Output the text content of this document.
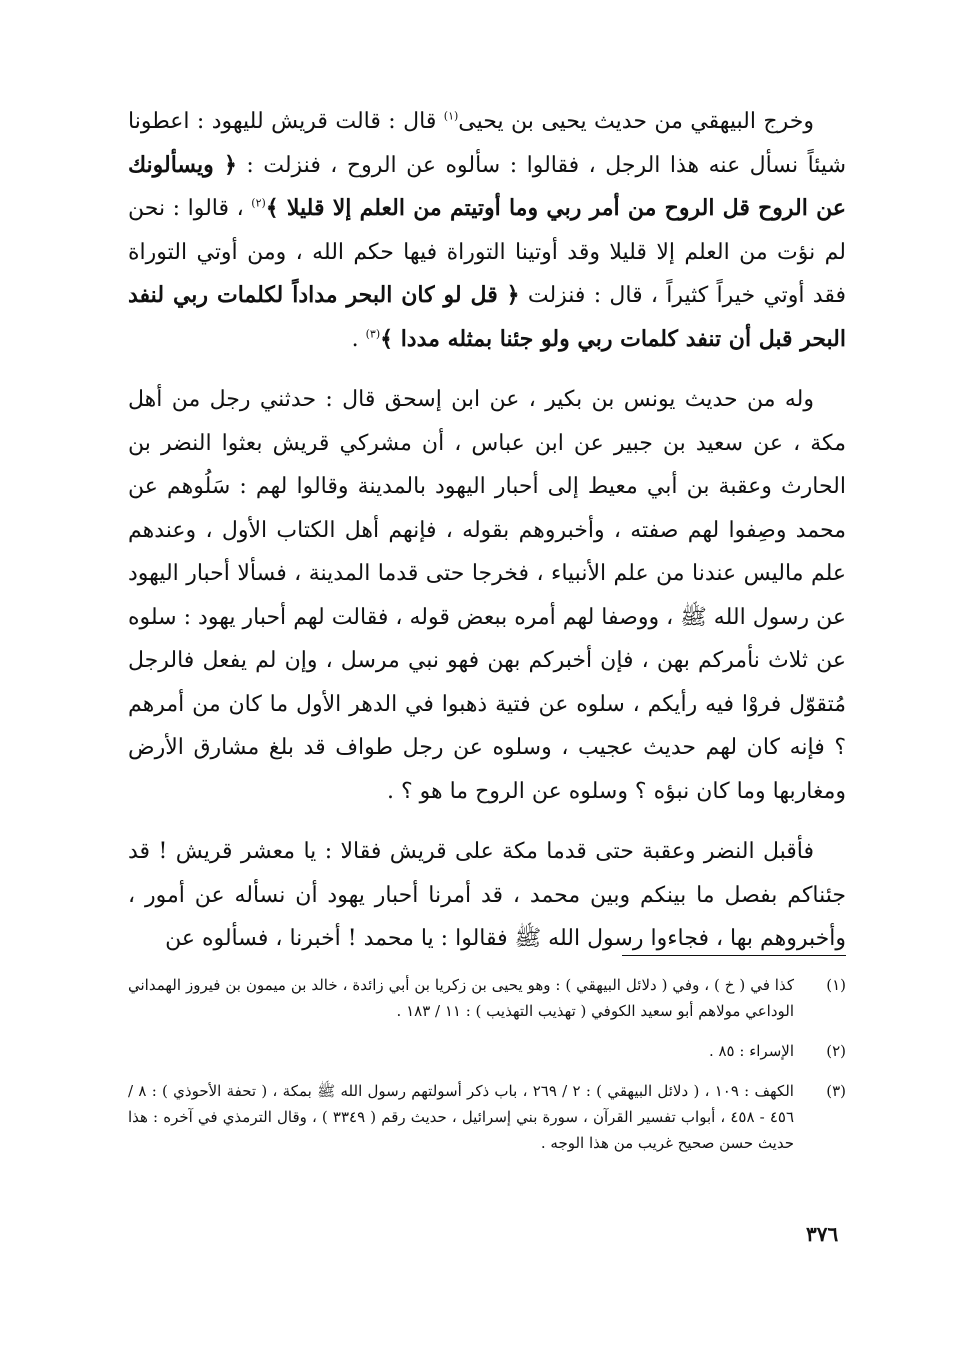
وخرج البيهقي من حديث يحيى بن يحيى$^{(١)}$ قال : قالت قريش لليهود : اعطونا شيئاً نسأل عنه هذا الرجل ، فقالوا : سألوه عن الروح ، فنزلت : ﴿ ويسألونك عن الروح قل الروح من أمر ربي وما أوتيتم من العلم إلا قليلا ﴾$^{(٢)}$ ، قالوا : نحن لم نؤت من العلم إلا قليلا وقد أوتينا التوراة فيها حكم الله ، ومن أوتي التوراة فقد أوتي خيراً كثيراً ، قال : فنزلت ﴿ قل لو كان البحر مداداً لكلمات ربي لنفد البحر قبل أن تنفد كلمات ربي ولو جئنا بمثله مددا ﴾$^{(٣)}$ .

وله من حديث يونس بن بكير ، عن ابن إسحق قال : حدثني رجل من أهل مكة ، عن سعيد بن جبير عن ابن عباس ، أن مشركي قريش بعثوا النضر بن الحارث وعقبة بن أبي معيط إلى أحبار اليهود بالمدينة وقالوا لهم : سَلُوهم عن محمد وصِفوا لهم صفته ، وأخبروهم بقوله ، فإنهم أهل الكتاب الأول ، وعندهم علم ماليس عندنا من علم الأنبياء ، فخرجا حتى قدما المدينة ، فسألا أحبار اليهود عن رسول الله ﷺ ، ووصفا لهم أمره ببعض قوله ، فقالت لهم أحبار يهود : سلوه عن ثلاث نأمركم بهن ، فإن أخبركم بهن فهو نبي مرسل ، وإن لم يفعل فالرجل مُتقوّل فروْا فيه رأيكم ، سلوه عن فتية ذهبوا في الدهر الأول ما كان من أمرهم ؟ فإنه كان لهم حديث عجيب ، وسلوه عن رجل طواف قد بلغ مشارق الأرض ومغاربها وما كان نبؤه ؟ وسلوه عن الروح ما هو ؟ .

فأقبل النضر وعقبة حتى قدما مكة على قريش فقالا : يا معشر قريش ! قد جئناكم بفصل ما بينكم وبين محمد ، قد أمرنا أحبار يهود أن نسأله عن أمور ، وأخبروهم بها ، فجاءوا رسول الله ﷺ فقالوا : يا محمد ! أخبرنا ، فسألوه عن

(١)
كذا في ( خ ) ، وفي ( دلائل البيهقي ) : وهو يحيى بن زكريا بن أبي زائدة ، خالد بن ميمون بن فيروز الهمداني الوداعي مولاهم أبو سعيد الكوفي ( تهذيب التهذيب ) : ١١ / ١٨٣ .
(٢)
الإسراء : ٨٥ .
(٣)
الكهف : ١٠٩ ، ( دلائل البيهقي ) : ٢ / ٢٦٩ ، باب ذكر أسولتهم رسول الله ﷺ بمكة ، ( تحفة الأحوذي ) : ٨ / ٤٥٦ - ٤٥٨ ، أبواب تفسير القرآن ، سورة بني إسرائيل ، حديث رقم ( ٣٣٤٩ ) ، وقال الترمذي في آخره : هذا حديث حسن صحيح غريب من هذا الوجه .
٣٧٦
